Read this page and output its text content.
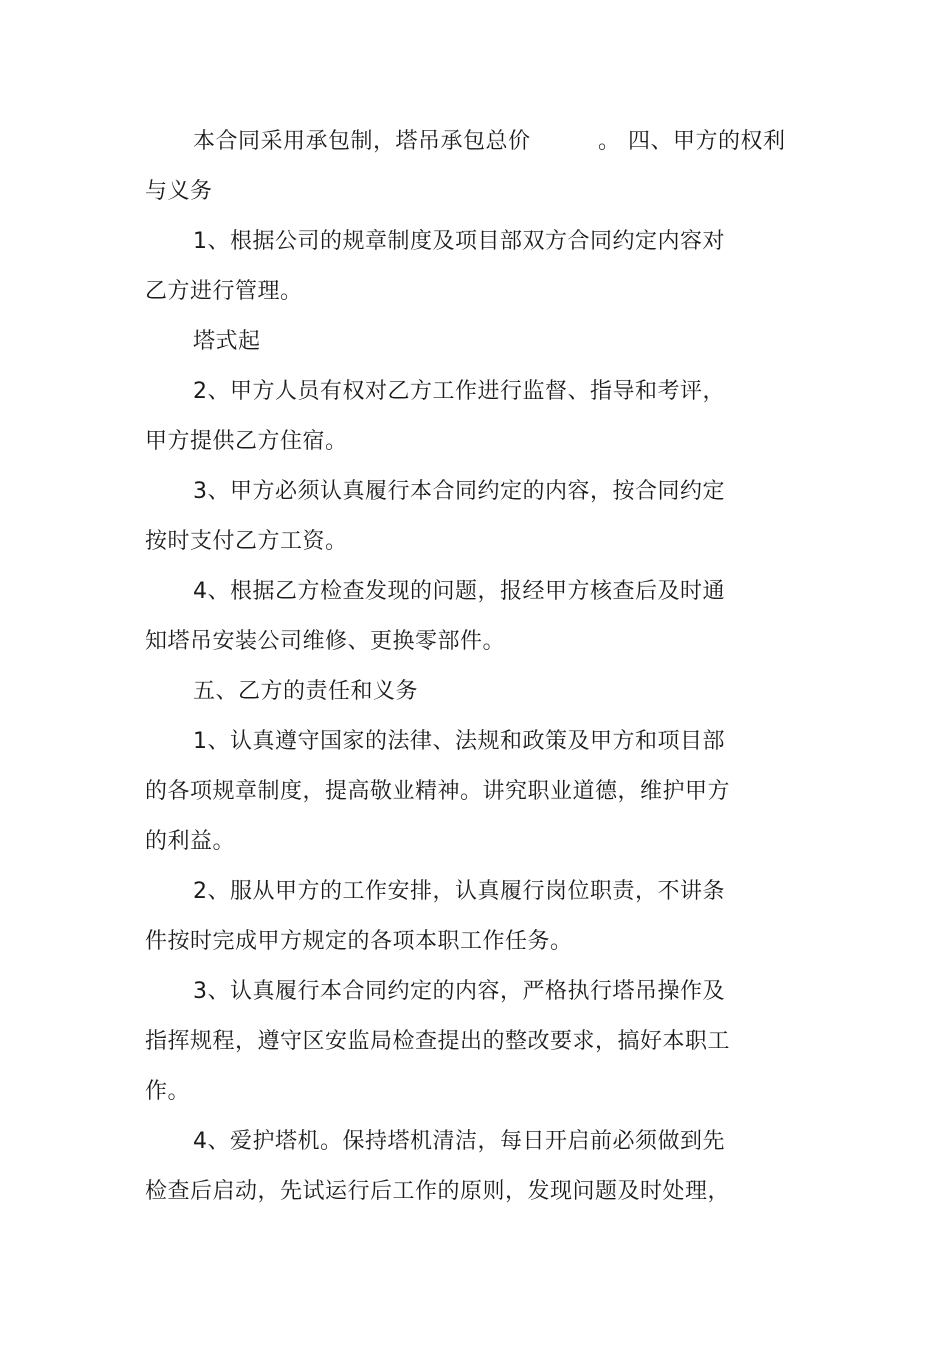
本合同采用承包制，塔吊承包总价　　　。 四、甲方的权利
与义务
1、根据公司的规章制度及项目部双方合同约定内容对
乙方进行管理。
塔式起
2、甲方人员有权对乙方工作进行监督、指导和考评，
甲方提供乙方住宿。
3、甲方必须认真履行本合同约定的内容，按合同约定
按时支付乙方工资。
4、根据乙方检查发现的问题，报经甲方核查后及时通
知塔吊安装公司维修、更换零部件。
五、乙方的责任和义务
1、认真遵守国家的法律、法规和政策及甲方和项目部
的各项规章制度，提高敬业精神。讲究职业道德，维护甲方
的利益。
2、服从甲方的工作安排，认真履行岗位职责，不讲条
件按时完成甲方规定的各项本职工作任务。
3、认真履行本合同约定的内容，严格执行塔吊操作及
指挥规程，遵守区安监局检查提出的整改要求，搞好本职工
作。
4、爱护塔机。保持塔机清洁，每日开启前必须做到先
检查后启动，先试运行后工作的原则，发现问题及时处理，
